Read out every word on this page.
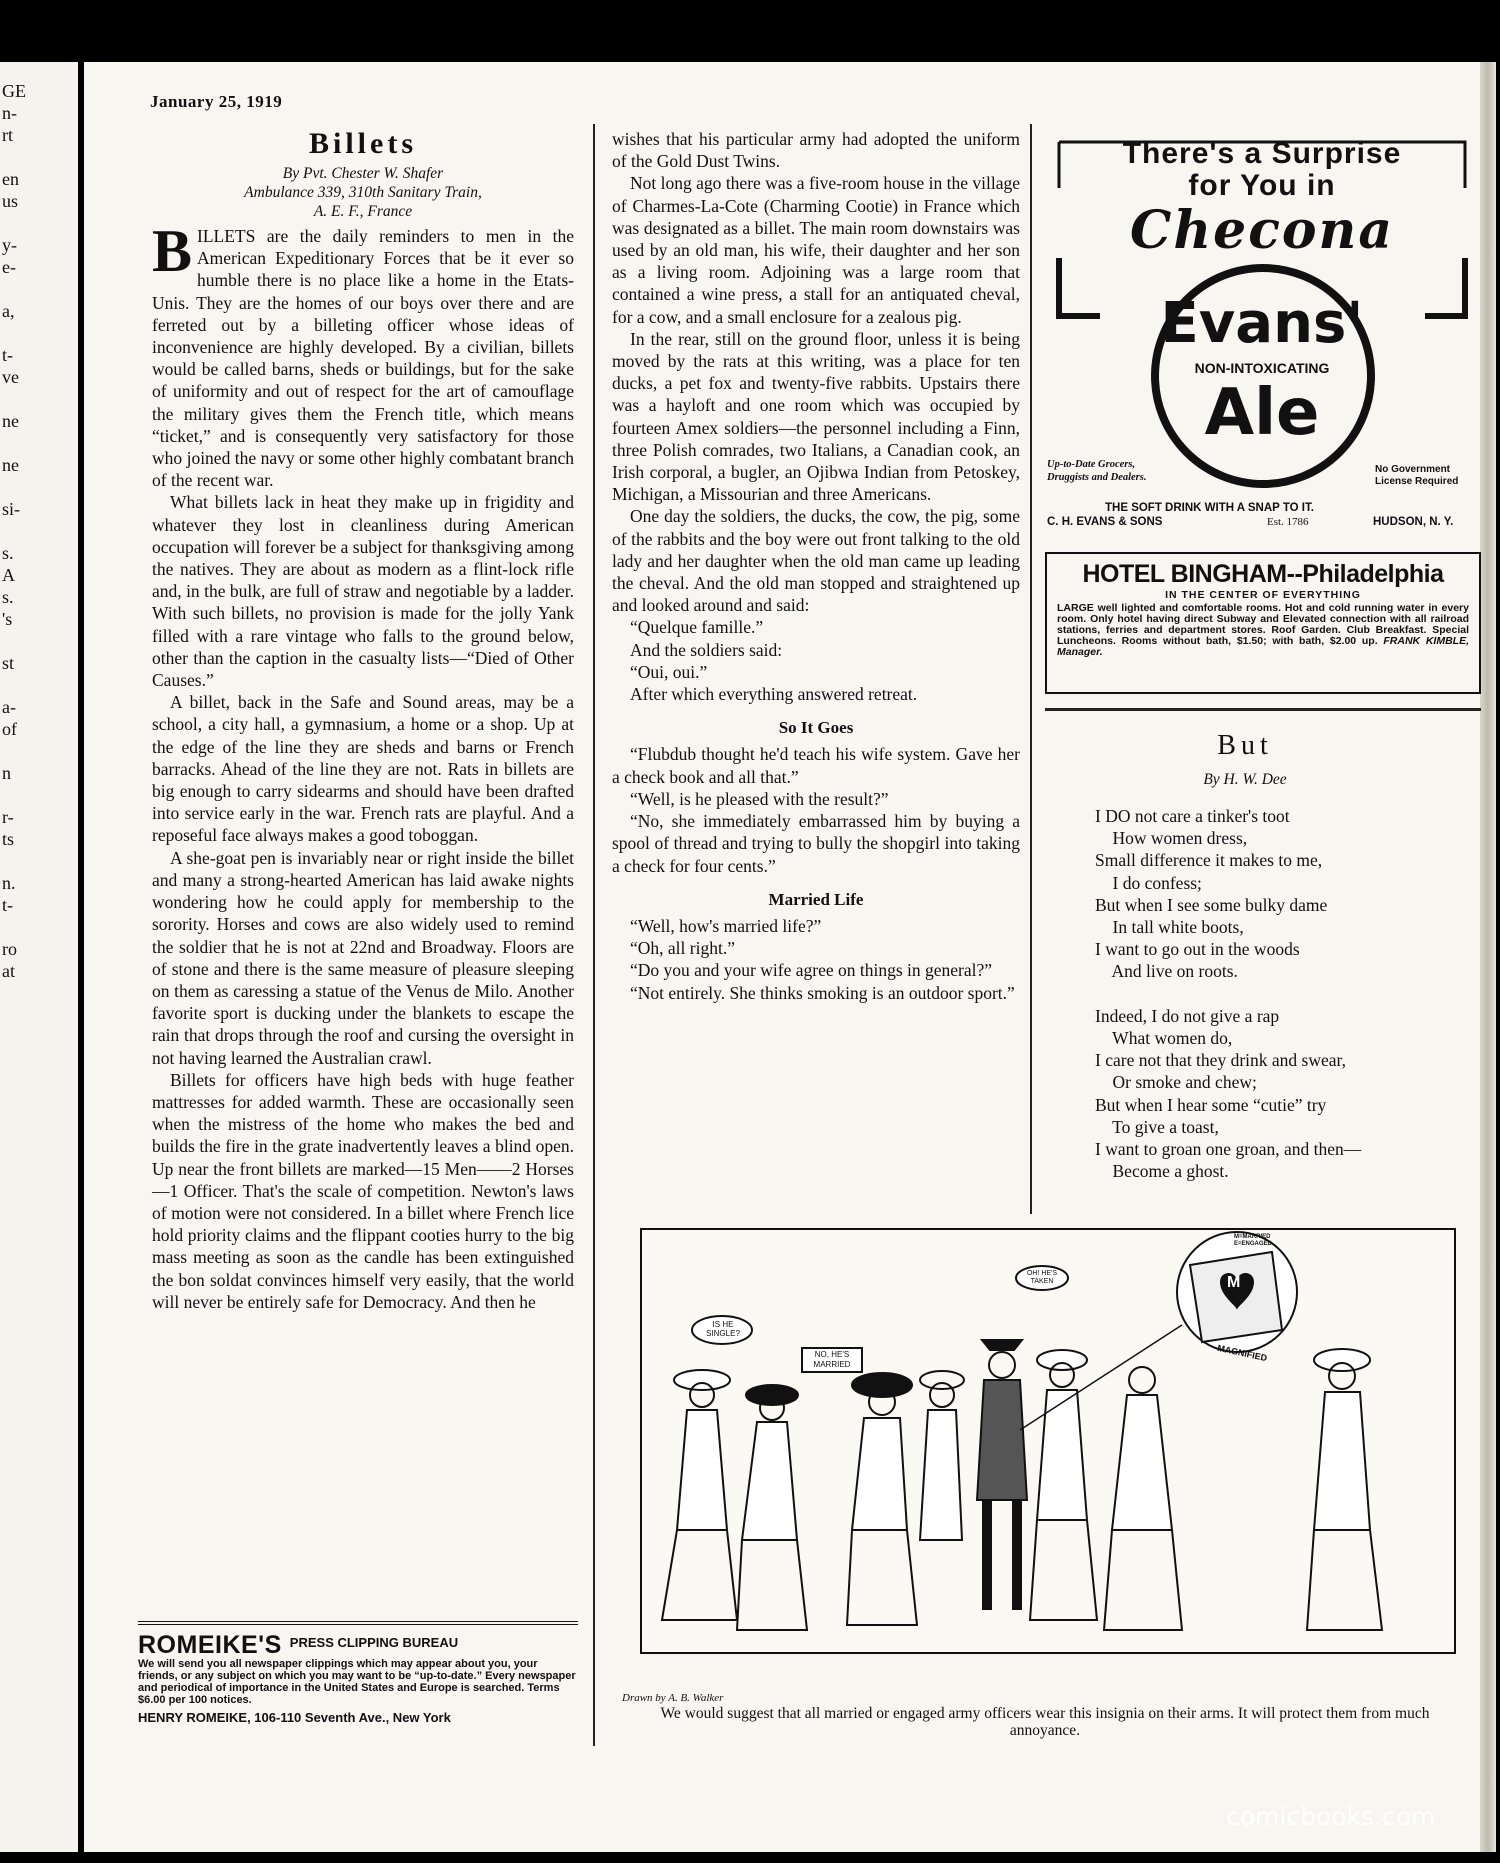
GE
n-
rt
en
us
y-
e-
a,
t-
ve
ne
ne
si-
s.
A
s.
's
st
a-
of
n
r-
ts
n.
t-
ro
at
January 25, 1919
Billets
By Pvt. Chester W. Shafer
Ambulance 339, 310th Sanitary Train,
A. E. F., France

BILLETS are the daily reminders to men in the American Expeditionary Forces that be it ever so humble there is no place like a home in the Etats-Unis. They are the homes of our boys over there and are ferreted out by a billeting officer whose ideas of inconvenience are highly developed. By a civilian, billets would be called barns, sheds or buildings, but for the sake of uniformity and out of respect for the art of camouflage the military gives them the French title, which means “ticket,” and is consequently very satisfactory for those who joined the navy or some other highly combatant branch of the recent war.

What billets lack in heat they make up in frigidity and whatever they lost in cleanliness during American occupation will forever be a subject for thanksgiving among the natives. They are about as modern as a flint-lock rifle and, in the bulk, are full of straw and negotiable by a ladder. With such billets, no provision is made for the jolly Yank filled with a rare vintage who falls to the ground below, other than the caption in the casualty lists—“Died of Other Causes.”

A billet, back in the Safe and Sound areas, may be a school, a city hall, a gymnasium, a home or a shop. Up at the edge of the line they are sheds and barns or French barracks. Ahead of the line they are not. Rats in billets are big enough to carry sidearms and should have been drafted into service early in the war. French rats are playful. And a reposeful face always makes a good toboggan.

A she-goat pen is invariably near or right inside the billet and many a strong-hearted American has laid awake nights wondering how he could apply for membership to the sorority. Horses and cows are also widely used to remind the soldier that he is not at 22nd and Broadway. Floors are of stone and there is the same measure of pleasure sleeping on them as caressing a statue of the Venus de Milo. Another favorite sport is ducking under the blankets to escape the rain that drops through the roof and cursing the oversight in not having learned the Australian crawl.

Billets for officers have high beds with huge feather mattresses for added warmth. These are occasionally seen when the mistress of the home who makes the bed and builds the fire in the grate inadvertently leaves a blind open. Up near the front billets are marked—15 Men——2 Horses—1 Officer. That's the scale of competition. Newton's laws of motion were not considered. In a billet where French lice hold priority claims and the flippant cooties hurry to the big mass meeting as soon as the candle has been extinguished the bon soldat convinces himself very easily, that the world will never be entirely safe for Democracy. And then he

wishes that his particular army had adopted the uniform of the Gold Dust Twins.

Not long ago there was a five-room house in the village of Charmes-La-Cote (Charming Cootie) in France which was designated as a billet. The main room downstairs was used by an old man, his wife, their daughter and her son as a living room. Adjoining was a large room that contained a wine press, a stall for an antiquated cheval, for a cow, and a small enclosure for a zealous pig.

In the rear, still on the ground floor, unless it is being moved by the rats at this writing, was a place for ten ducks, a pet fox and twenty-five rabbits. Upstairs there was a hayloft and one room which was occupied by fourteen Amex soldiers—the personnel including a Finn, three Polish comrades, two Italians, a Canadian cook, an Irish corporal, a bugler, an Ojibwa Indian from Petoskey, Michigan, a Missourian and three Americans.

One day the soldiers, the ducks, the cow, the pig, some of the rabbits and the boy were out front talking to the old lady and her daughter when the old man came up leading the cheval. And the old man stopped and straightened up and looked around and said:

“Quelque famille.”

And the soldiers said:

“Oui, oui.”

After which everything answered retreat.

So It Goes

“Flubdub thought he'd teach his wife system. Gave her a check book and all that.”

“Well, is he pleased with the result?”

“No, she immediately embarrassed him by buying a spool of thread and trying to bully the shopgirl into taking a check for four cents.”

Married Life

“Well, how's married life?”

“Oh, all right.”

“Do you and your wife agree on things in general?”

“Not entirely. She thinks smoking is an outdoor sport.”

There's a Surprise
for You in
Checona
Evans'
NON-INTOXICATING
Ale
Up-to-Date Grocers,
Druggists and Dealers.
No Government
License Required
THE SOFT DRINK WITH A SNAP TO IT.
C. H. EVANS & SONS	Est. 1786	HUDSON, N. Y.
HOTEL BINGHAM--Philadelphia
IN THE CENTER OF EVERYTHING
LARGE well lighted and comfortable rooms. Hot and cold running water in every room. Only hotel having direct Subway and Elevated connection with all railroad stations, ferries and department stores. Roof Garden. Club Breakfast. Special Luncheons. Rooms without bath, $1.50; with bath, $2.00 up. FRANK KIMBLE, Manager.
But
By H. W. Dee
I DO not care a tinker's toot
How women dress,
Small difference it makes to me,
I do confess;
But when I see some bulky dame
In tall white boots,
I want to go out in the woods
And live on roots.

Indeed, I do not give a rap
What women do,
I care not that they drink and swear,
Or smoke and chew;
But when I hear some “cutie” try
To give a toast,
I want to groan one groan, and then—
Become a ghost.
IS HE
SINGLE?
NO, HE'S
MARRIED
OH! HE'S
TAKEN
M=MARRIED
E=ENGAGED
M
MAGNIFIED
Drawn by A. B. Walker
We would suggest that all married or engaged army officers wear this insignia on their arms. It will protect them from much annoyance.
ROMEIKE'S PRESS CLIPPING BUREAU
We will send you all newspaper clippings which may appear about you, your friends, or any subject on which you may want to be “up-to-date.” Every newspaper and periodical of importance in the United States and Europe is searched. Terms $6.00 per 100 notices.
HENRY ROMEIKE, 106-110 Seventh Ave., New York
comicbooks.com
